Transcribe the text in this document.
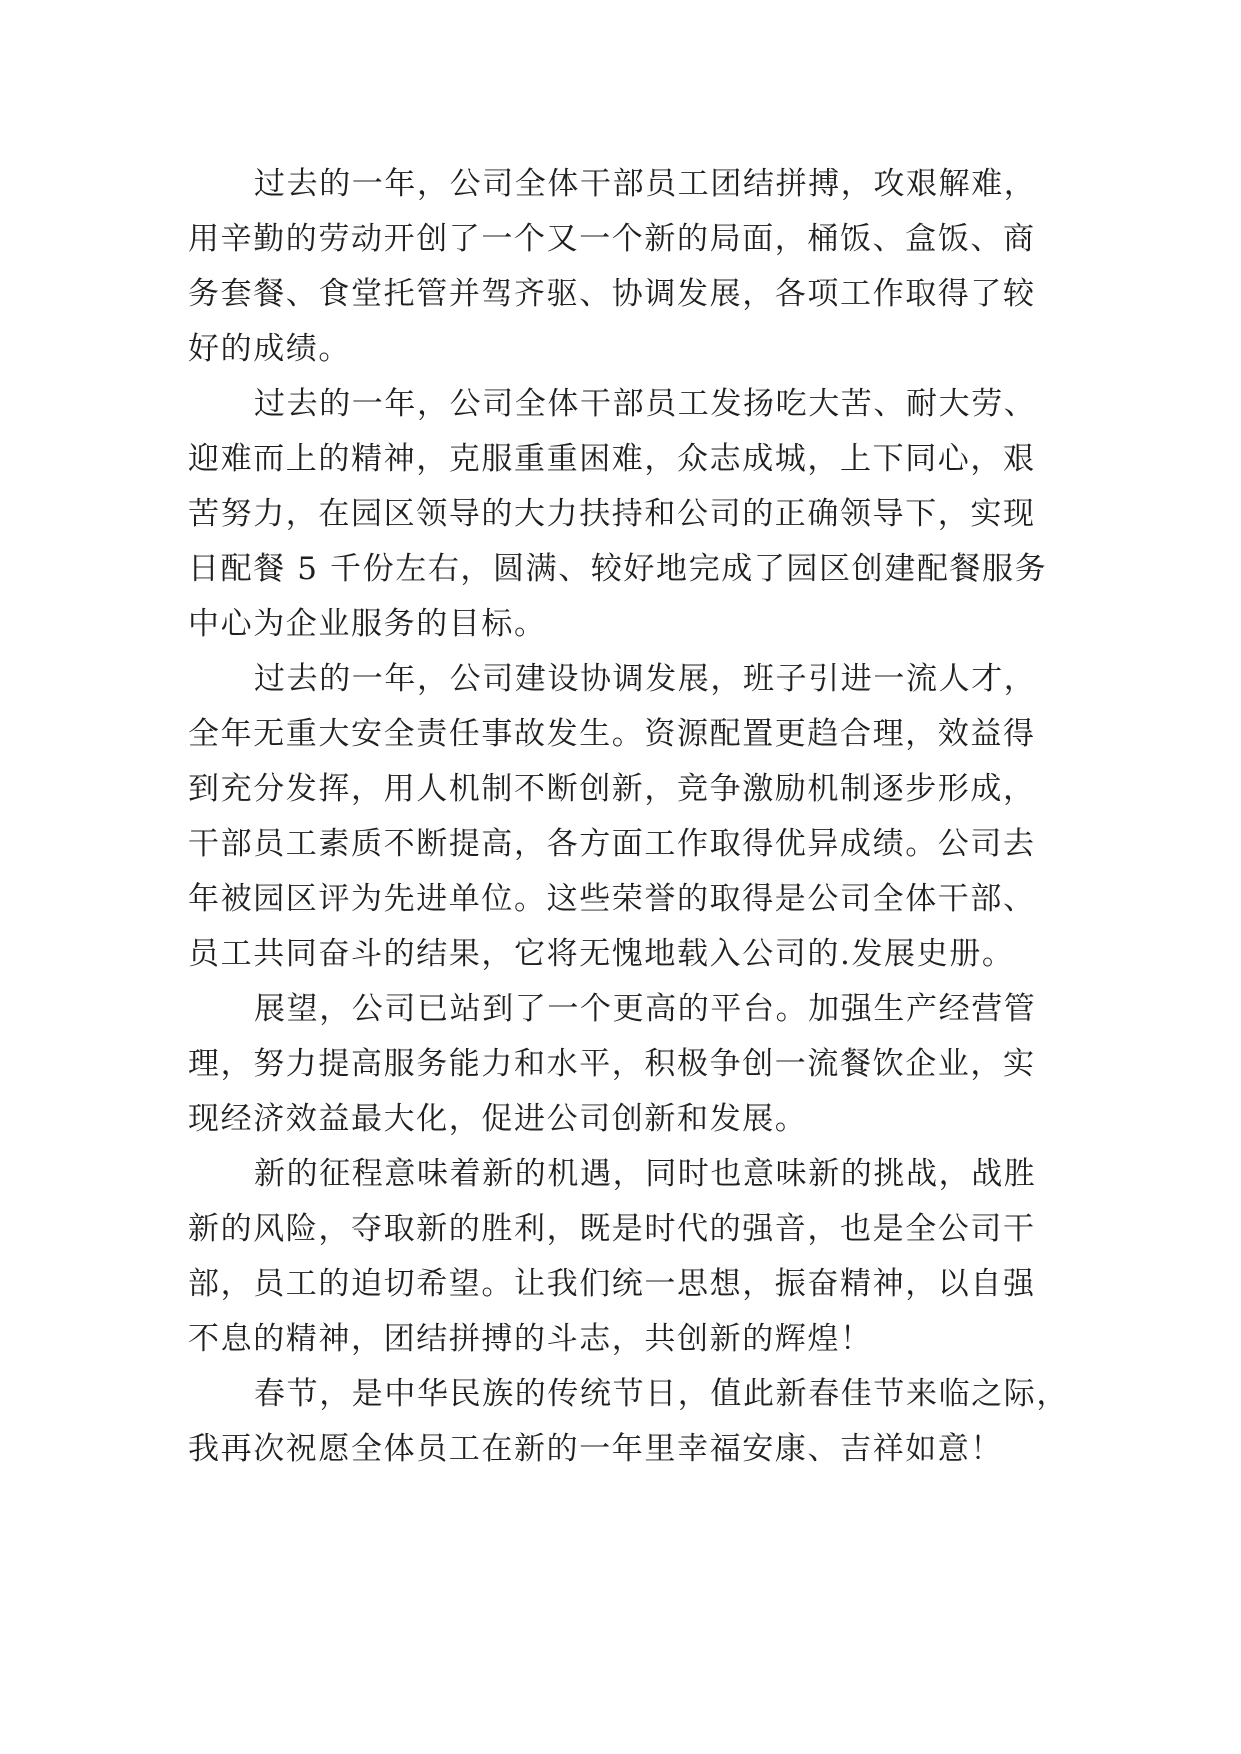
过去的一年，公司全体干部员工团结拼搏，攻艰解难，
用辛勤的劳动开创了一个又一个新的局面，桶饭、盒饭、商
务套餐、食堂托管并驾齐驱、协调发展，各项工作取得了较
好的成绩。
过去的一年，公司全体干部员工发扬吃大苦、耐大劳、
迎难而上的精神，克服重重困难，众志成城，上下同心，艰
苦努力，在园区领导的大力扶持和公司的正确领导下，实现
日配餐 5 千份左右，圆满、较好地完成了园区创建配餐服务
中心为企业服务的目标。
过去的一年，公司建设协调发展，班子引进一流人才，
全年无重大安全责任事故发生。资源配置更趋合理，效益得
到充分发挥，用人机制不断创新，竞争激励机制逐步形成，
干部员工素质不断提高，各方面工作取得优异成绩。公司去
年被园区评为先进单位。这些荣誉的取得是公司全体干部、
员工共同奋斗的结果，它将无愧地载入公司的.发展史册。
展望，公司已站到了一个更高的平台。加强生产经营管
理，努力提高服务能力和水平，积极争创一流餐饮企业，实
现经济效益最大化，促进公司创新和发展。
新的征程意味着新的机遇，同时也意味新的挑战，战胜
新的风险，夺取新的胜利，既是时代的强音，也是全公司干
部，员工的迫切希望。让我们统一思想，振奋精神，以自强
不息的精神，团结拼搏的斗志，共创新的辉煌！
春节，是中华民族的传统节日，值此新春佳节来临之际，
我再次祝愿全体员工在新的一年里幸福安康、吉祥如意！
